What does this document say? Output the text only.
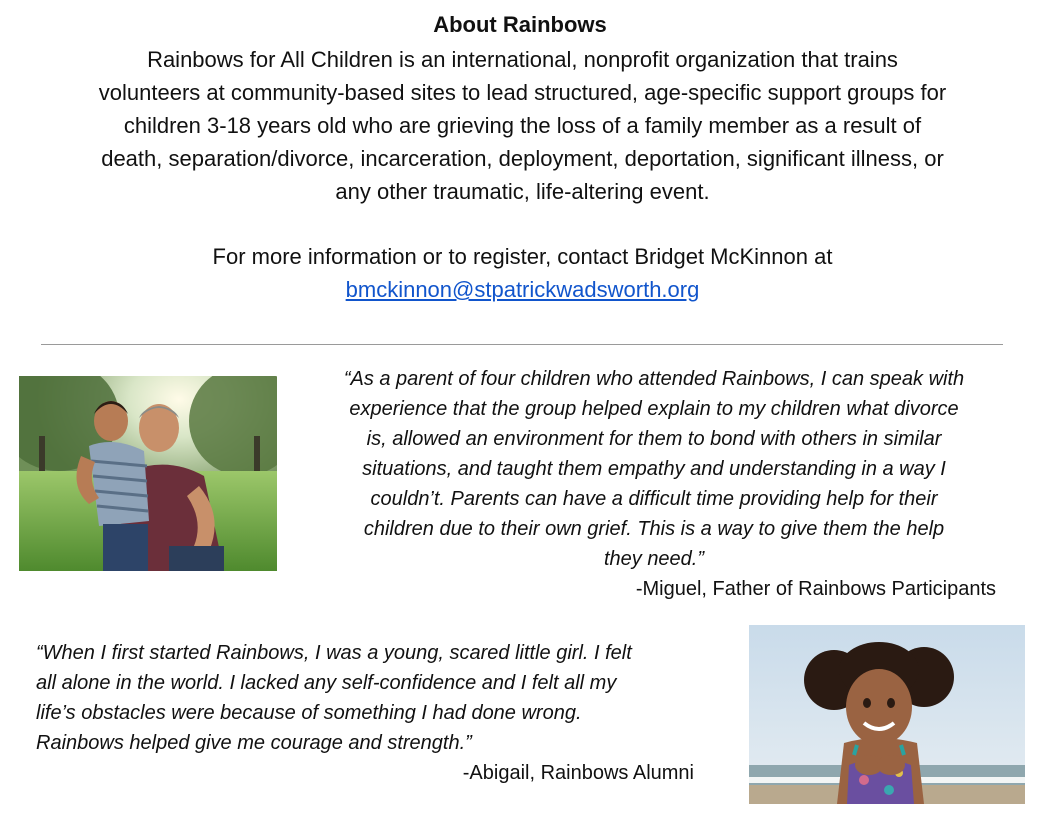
About Rainbows

Rainbows for All Children is an international, nonprofit organization that trains
volunteers at community-based sites to lead structured, age-specific support groups for
children 3-18 years old who are grieving the loss of a family member as a result of
death, separation/divorce, incarceration, deployment, deportation, significant illness, or
any other traumatic, life-altering event.

For more information or to register, contact Bridget McKinnon at
bmckinnon@stpatrickwadsworth.org

“As a parent of four children who attended Rainbows, I can speak with
experience that the group helped explain to my children what divorce
is, allowed an environment for them to bond with others in similar
situations, and taught them empathy and understanding in a way I
couldn’t. Parents can have a difficult time providing help for their
children due to their own grief. This is a way to give them the help
they need.”

-Miguel, Father of Rainbows Participants

“When I first started Rainbows, I was a young, scared little girl. I felt
all alone in the world. I lacked any self-confidence and I felt all my
life’s obstacles were because of something I had done wrong.
Rainbows helped give me courage and strength.”

-Abigail, Rainbows Alumni
